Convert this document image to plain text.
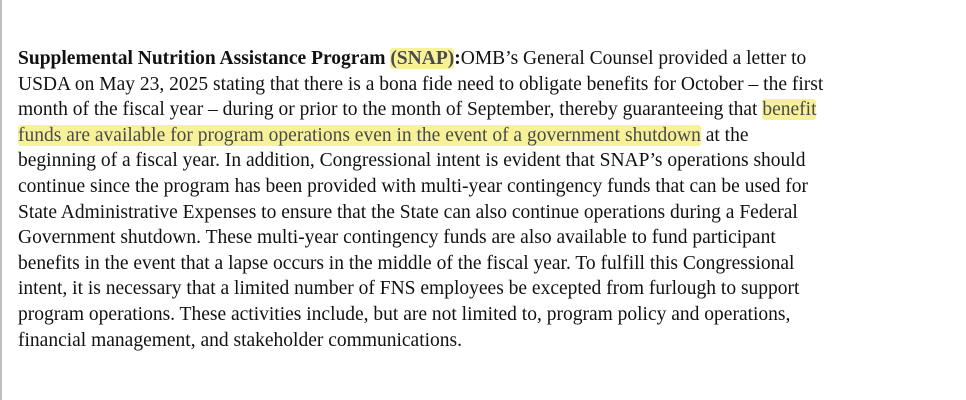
Supplemental Nutrition Assistance Program (SNAP):OMB’s General Counsel provided a letter to
USDA on May 23, 2025 stating that there is a bona fide need to obligate benefits for October – the first
month of the fiscal year – during or prior to the month of September, thereby guaranteeing that benefit
funds are available for program operations even in the event of a government shutdown at the
beginning of a fiscal year. In addition, Congressional intent is evident that SNAP’s operations should
continue since the program has been provided with multi-year contingency funds that can be used for
State Administrative Expenses to ensure that the State can also continue operations during a Federal
Government shutdown. These multi-year contingency funds are also available to fund participant
benefits in the event that a lapse occurs in the middle of the fiscal year. To fulfill this Congressional
intent, it is necessary that a limited number of FNS employees be excepted from furlough to support
program operations. These activities include, but are not limited to, program policy and operations,
financial management, and stakeholder communications.
